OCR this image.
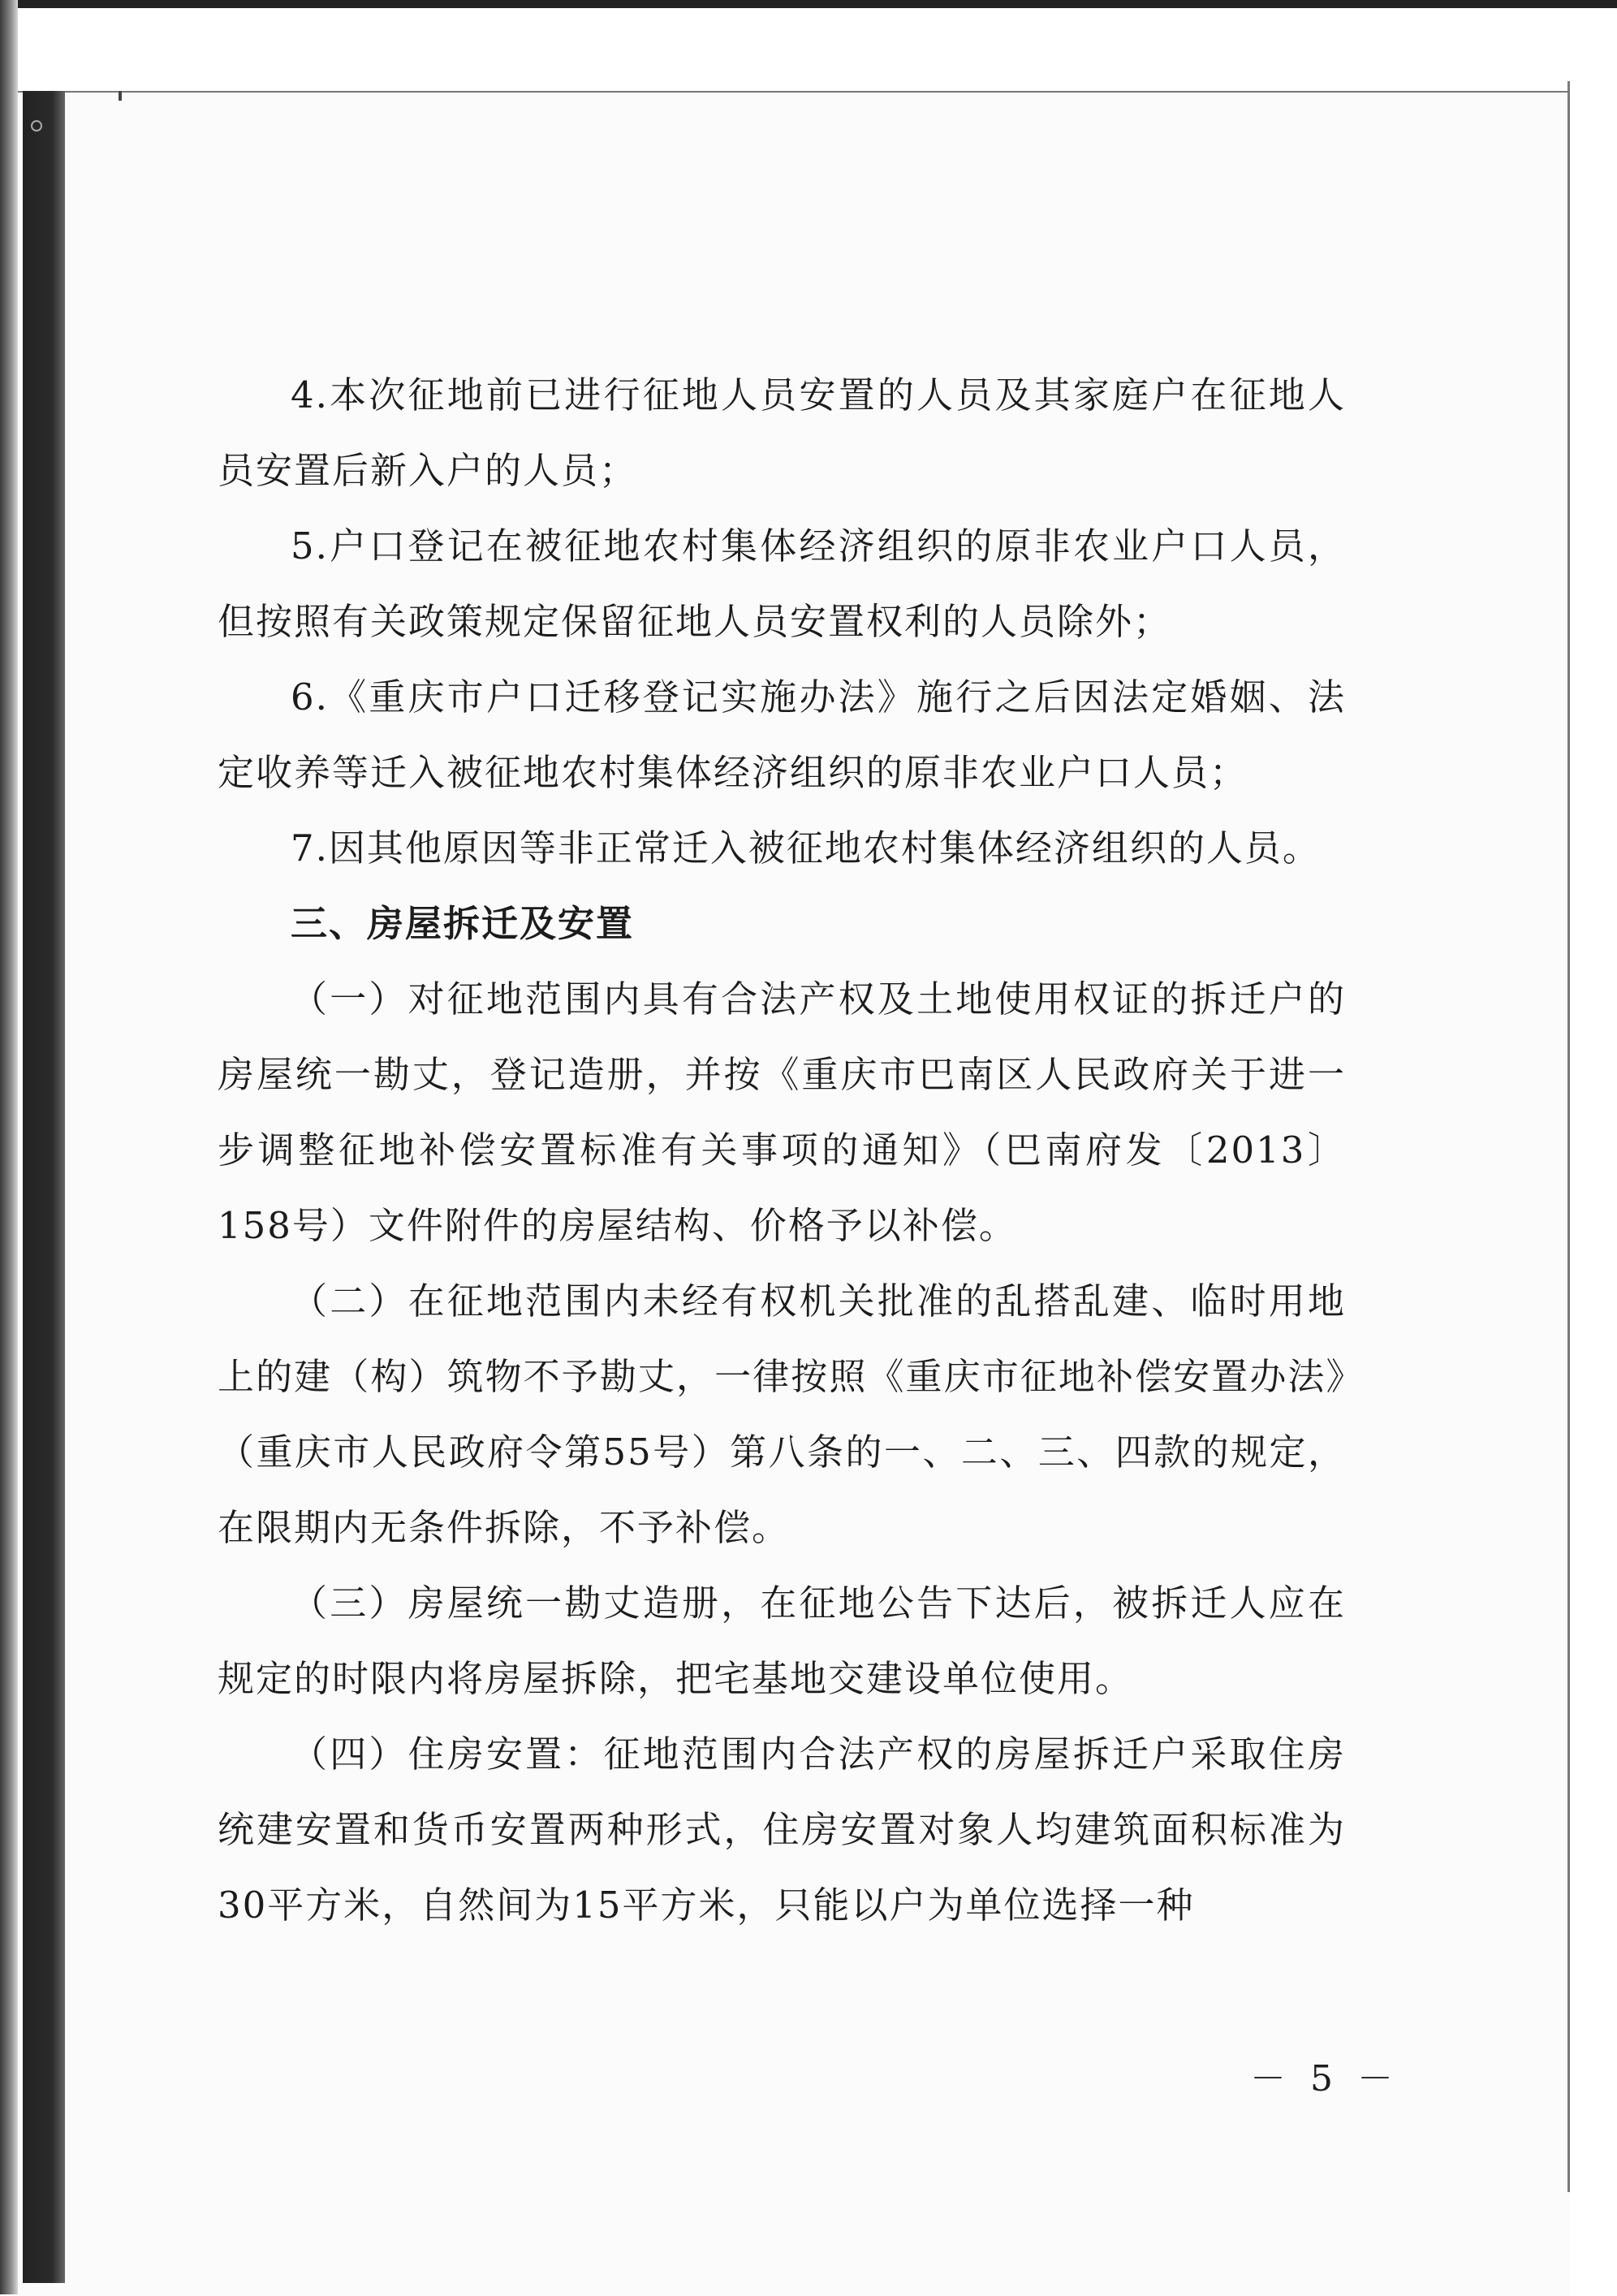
4.本次征地前已进行征地人员安置的人员及其家庭户在征地人员安置后新入户的人员；

5.户口登记在被征地农村集体经济组织的原非农业户口人员，但按照有关政策规定保留征地人员安置权利的人员除外；

6.《重庆市户口迁移登记实施办法》施行之后因法定婚姻、法定收养等迁入被征地农村集体经济组织的原非农业户口人员；

7.因其他原因等非正常迁入被征地农村集体经济组织的人员。

三、房屋拆迁及安置

（一）对征地范围内具有合法产权及土地使用权证的拆迁户的房屋统一勘丈，登记造册，并按《重庆市巴南区人民政府关于进一步调整征地补偿安置标准有关事项的通知》（巴南府发〔2013〕158号）文件附件的房屋结构、价格予以补偿。

（二）在征地范围内未经有权机关批准的乱搭乱建、临时用地上的建（构）筑物不予勘丈，一律按照《重庆市征地补偿安置办法》（重庆市人民政府令第55号）第八条的一、二、三、四款的规定，在限期内无条件拆除，不予补偿。

（三）房屋统一勘丈造册，在征地公告下达后，被拆迁人应在规定的时限内将房屋拆除，把宅基地交建设单位使用。

（四）住房安置：征地范围内合法产权的房屋拆迁户采取住房统建安置和货币安置两种形式，住房安置对象人均建筑面积标准为30平方米，自然间为15平方米，只能以户为单位选择一种

－ 5 －
